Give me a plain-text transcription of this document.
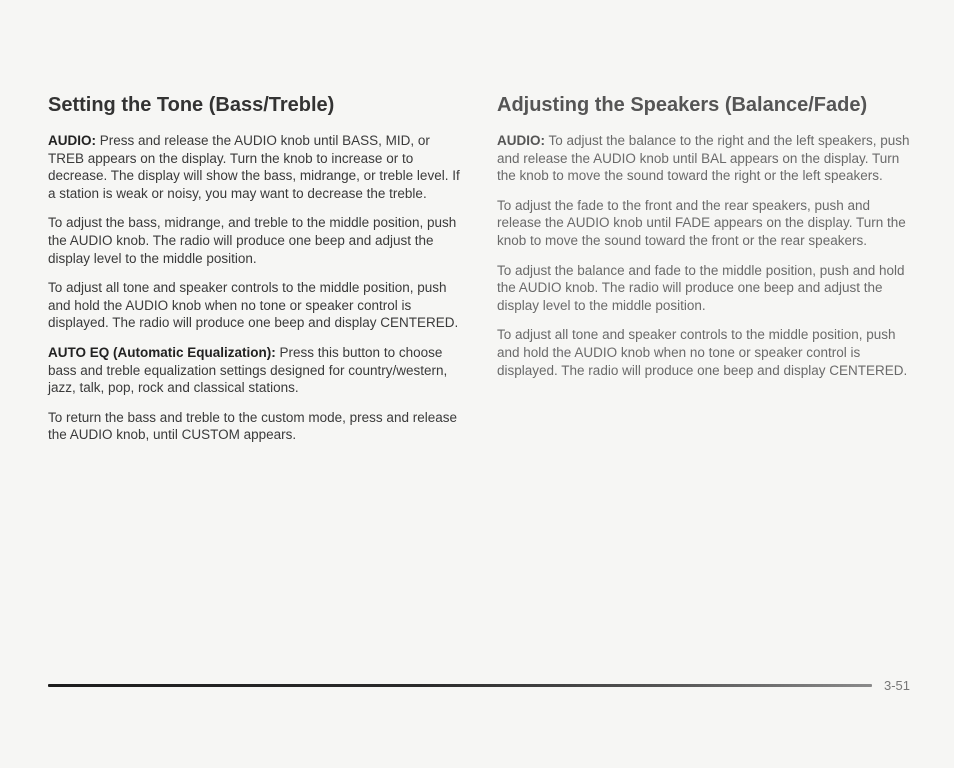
Setting the Tone (Bass/Treble)

AUDIO: Press and release the AUDIO knob until BASS, MID, or TREB appears on the display. Turn the knob to increase or to decrease. The display will show the bass, midrange, or treble level. If a station is weak or noisy, you may want to decrease the treble.

To adjust the bass, midrange, and treble to the middle position, push the AUDIO knob. The radio will produce one beep and adjust the display level to the middle position.

To adjust all tone and speaker controls to the middle position, push and hold the AUDIO knob when no tone or speaker control is displayed. The radio will produce one beep and display CENTERED.

AUTO EQ (Automatic Equalization): Press this button to choose bass and treble equalization settings designed for country/western, jazz, talk, pop, rock and classical stations.

To return the bass and treble to the custom mode, press and release the AUDIO knob, until CUSTOM appears.

Adjusting the Speakers (Balance/Fade)

AUDIO: To adjust the balance to the right and the left speakers, push and release the AUDIO knob until BAL appears on the display. Turn the knob to move the sound toward the right or the left speakers.

To adjust the fade to the front and the rear speakers, push and release the AUDIO knob until FADE appears on the display. Turn the knob to move the sound toward the front or the rear speakers.

To adjust the balance and fade to the middle position, push and hold the AUDIO knob. The radio will produce one beep and adjust the display level to the middle position.

To adjust all tone and speaker controls to the middle position, push and hold the AUDIO knob when no tone or speaker control is displayed. The radio will produce one beep and display CENTERED.

3-51
